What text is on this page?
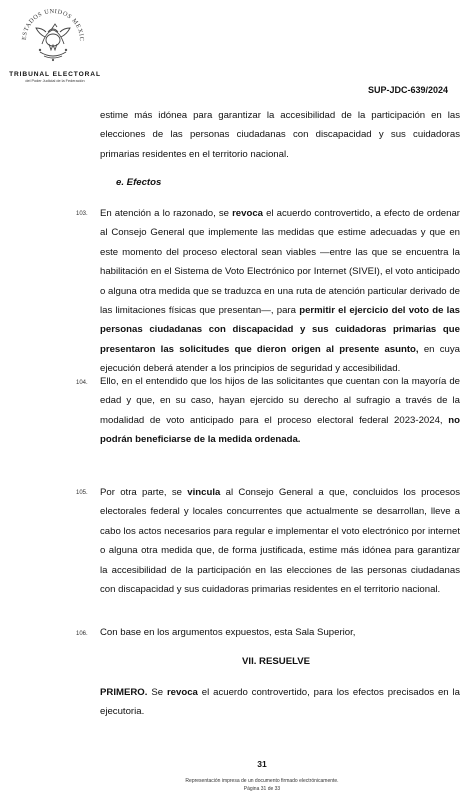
ESTADOS UNIDOS MEXIC
TRIBUNAL ELECTORAL
del Poder Judicial de la Federación
SUP-JDC-639/2024

estime más idónea para garantizar la accesibilidad de la participación en las elecciones de las personas ciudadanas con discapacidad y sus cuidadoras primarias residentes en el territorio nacional.

e. Efectos
103. En atención a lo razonado, se revoca el acuerdo controvertido, a efecto de ordenar al Consejo General que implemente las medidas que estime adecuadas y que en este momento del proceso electoral sean viables —entre las que se encuentra la habilitación en el Sistema de Voto Electrónico por Internet (SIVEI), el voto anticipado o alguna otra medida que se traduzca en una ruta de atención particular derivado de las limitaciones físicas que presentan—, para permitir el ejercicio del voto de las personas ciudadanas con discapacidad y sus cuidadoras primarias que presentaron las solicitudes que dieron origen al presente asunto, en cuya ejecución deberá atender a los principios de seguridad y accesibilidad.

104. Ello, en el entendido que los hijos de las solicitantes que cuentan con la mayoría de edad y que, en su caso, hayan ejercido su derecho al sufragio a través de la modalidad de voto anticipado para el proceso electoral federal 2023-2024, no podrán beneficiarse de la medida ordenada.

105. Por otra parte, se vincula al Consejo General a que, concluidos los procesos electorales federal y locales concurrentes que actualmente se desarrollan, lleve a cabo los actos necesarios para regular e implementar el voto electrónico por internet o alguna otra medida que, de forma justificada, estime más idónea para garantizar la accesibilidad de la participación en las elecciones de las personas ciudadanas con discapacidad y sus cuidadoras primarias residentes en el territorio nacional.

106. Con base en los argumentos expuestos, esta Sala Superior,

VII. RESUELVE

PRIMERO. Se revoca el acuerdo controvertido, para los efectos precisados en la ejecutoria.

31
Representación impresa de un documento firmado electrónicamente.
Página 31 de 33
